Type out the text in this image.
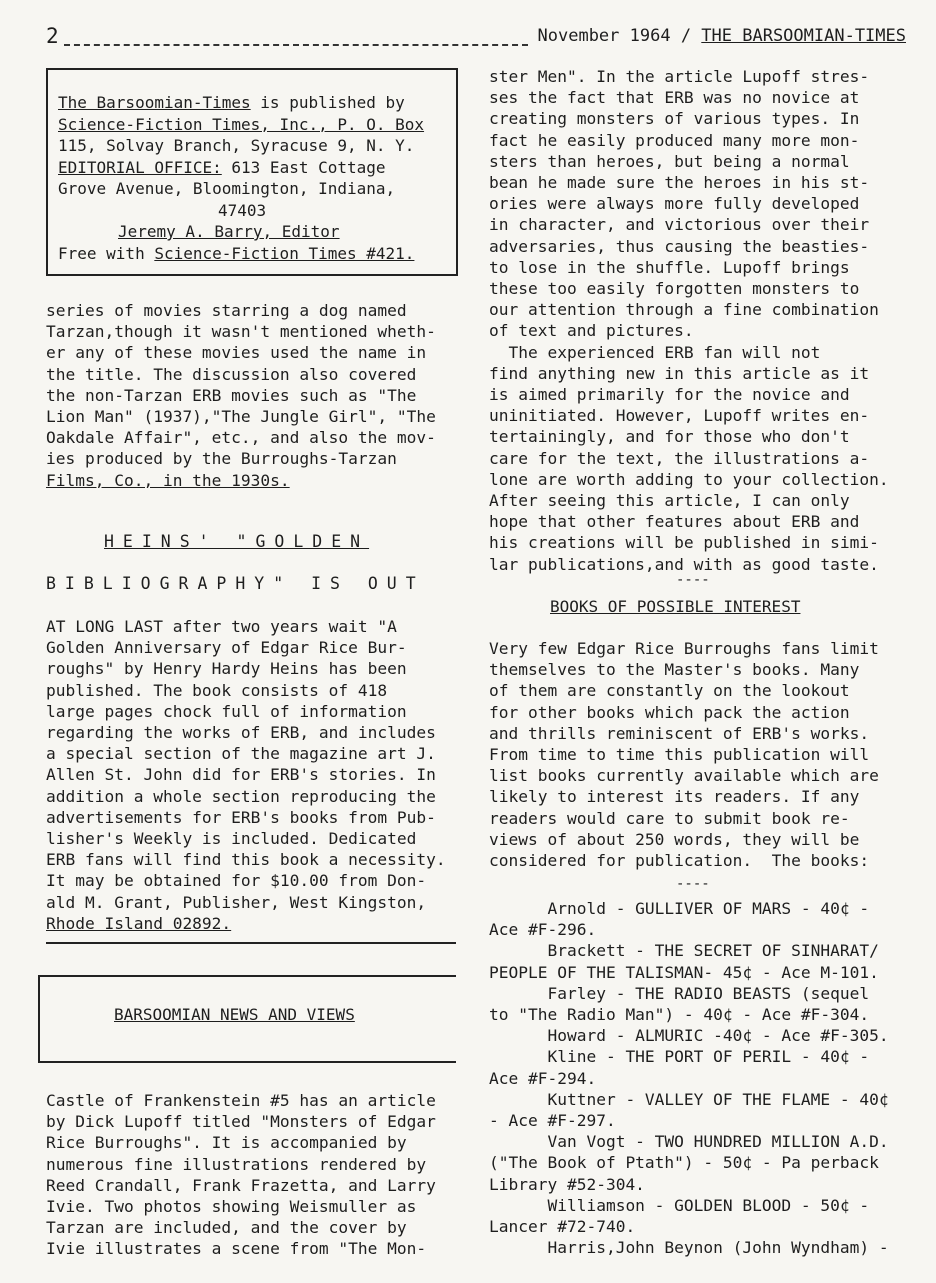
2	November 1964 / THE BARSOOMIAN-TIMES

The Barsoomian-Times is published by

Science-Fiction Times, Inc., P. O. Box

115, Solvay Branch, Syracuse 9, N. Y.

EDITORIAL OFFICE: 613 East Cottage

Grove Avenue, Bloomington, Indiana,

47403

Jeremy A. Barry, Editor

Free with Science-Fiction Times #421.

series of movies starring a dog named

Tarzan,though it wasn't mentioned wheth-

er any of these movies used the name in

the title. The discussion also covered

the non-Tarzan ERB movies such as "The

Lion Man" (1937),"The Jungle Girl", "The

Oakdale Affair", etc., and also the mov-

ies produced by the Burroughs-Tarzan

Films, Co., in the 1930s.

HEINS' "GOLDEN
BIBLIOGRAPHY" IS OUT

AT LONG LAST after two years wait "A

Golden Anniversary of Edgar Rice Bur-

roughs" by Henry Hardy Heins has been

published. The book consists of 418

large pages chock full of information

regarding the works of ERB, and includes

a special section of the magazine art J.

Allen St. John did for ERB's stories. In

addition a whole section reproducing the

advertisements for ERB's books from Pub-

lisher's Weekly is included. Dedicated

ERB fans will find this book a necessity.

It may be obtained for $10.00 from Don-

ald M. Grant, Publisher, West Kingston,

Rhode Island 02892.

BARSOOMIAN NEWS AND VIEWS

Castle of Frankenstein #5 has an article

by Dick Lupoff titled "Monsters of Edgar

Rice Burroughs". It is accompanied by

numerous fine illustrations rendered by

Reed Crandall, Frank Frazetta, and Larry

Ivie. Two photos showing Weismuller as

Tarzan are included, and the cover by

Ivie illustrates a scene from "The Mon-

ster Men". In the article Lupoff stres-

ses the fact that ERB was no novice at

creating monsters of various types. In

fact he easily produced many more mon-

sters than heroes, but being a normal

bean he made sure the heroes in his st-

ories were always more fully developed

in character, and victorious over their

adversaries, thus causing the beasties-

to lose in the shuffle. Lupoff brings

these too easily forgotten monsters to

our attention through a fine combination

of text and pictures.

The experienced ERB fan will not

find anything new in this article as it

is aimed primarily for the novice and

uninitiated. However, Lupoff writes en-

tertainingly, and for those who don't

care for the text, the illustrations a-

lone are worth adding to your collection.

After seeing this article, I can only

hope that other features about ERB and

his creations will be published in simi-

lar publications,and with as good taste.

----
BOOKS OF POSSIBLE INTEREST

Very few Edgar Rice Burroughs fans limit

themselves to the Master's books. Many

of them are constantly on the lookout

for other books which pack the action

and thrills reminiscent of ERB's works.

From time to time this publication will

list books currently available which are

likely to interest its readers. If any

readers would care to submit book re-

views of about 250 words, they will be

considered for publication.  The books:

----

Arnold - GULLIVER OF MARS - 40¢ -

Ace #F-296.

Brackett - THE SECRET OF SINHARAT/

PEOPLE OF THE TALISMAN- 45¢ - Ace M-101.

Farley - THE RADIO BEASTS (sequel

to "The Radio Man") - 40¢ - Ace #F-304.

Howard - ALMURIC -40¢ - Ace #F-305.

Kline - THE PORT OF PERIL - 40¢ -

Ace #F-294.

Kuttner - VALLEY OF THE FLAME - 40¢

- Ace #F-297.

Van Vogt - TWO HUNDRED MILLION A.D.

("The Book of Ptath") - 50¢ - Pa perback

Library #52-304.

Williamson - GOLDEN BLOOD - 50¢ -

Lancer #72-740.

Harris,John Beynon (John Wyndham) -
